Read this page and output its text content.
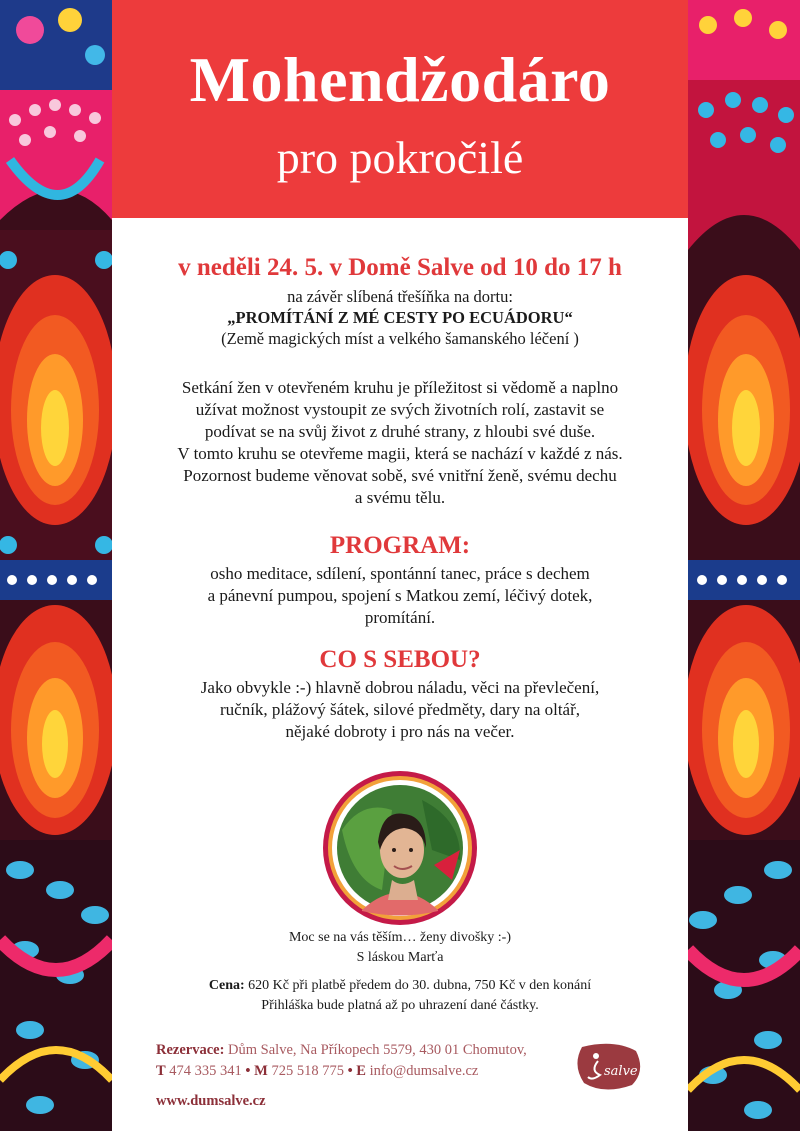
Mohendžodáro
pro pokročilé
v neděli 24. 5. v Domě Salve od 10 do 17 h
na závěr slíbená třešíňka na dortu:
„PROMÍTÁNÍ Z MÉ CESTY PO ECUÁDORU“
(Země magických míst a velkého šamanského léčení )
Setkání žen v otevřeném kruhu je příležitost si vědomě a naplno
užívat možnost vystoupit ze svých životních rolí, zastavit se
podívat se na svůj život z druhé strany, z hloubi své duše.
V tomto kruhu se otevřeme magii, která se nachází v každé z nás.
Pozornost budeme věnovat sobě, své vnitřní ženě, svému dechu
a svému tělu.
PROGRAM:
osho meditace, sdílení, spontánní tanec, práce s dechem
a pánevní pumpou, spojení s Matkou zemí, léčivý dotek,
promítání.
CO S SEBOU?
Jako obvykle :-) hlavně dobrou náladu, věci na převlečení,
ručník, plážový šátek, silové předměty, dary na oltář,
nějaké dobroty i pro nás na večer.
Moc se na vás těším… ženy divošky :-)
S láskou Marťa
Cena: 620 Kč při platbě předem do 30. dubna, 750 Kč v den konání
Přihláška bude platná až po uhrazení dané částky.
Rezervace: Dům Salve, Na Příkopech 5579, 430 01 Chomutov,
T 474 335 341 • M 725 518 775 • E info@dumsalve.cz
www.dumsalve.cz
salve
